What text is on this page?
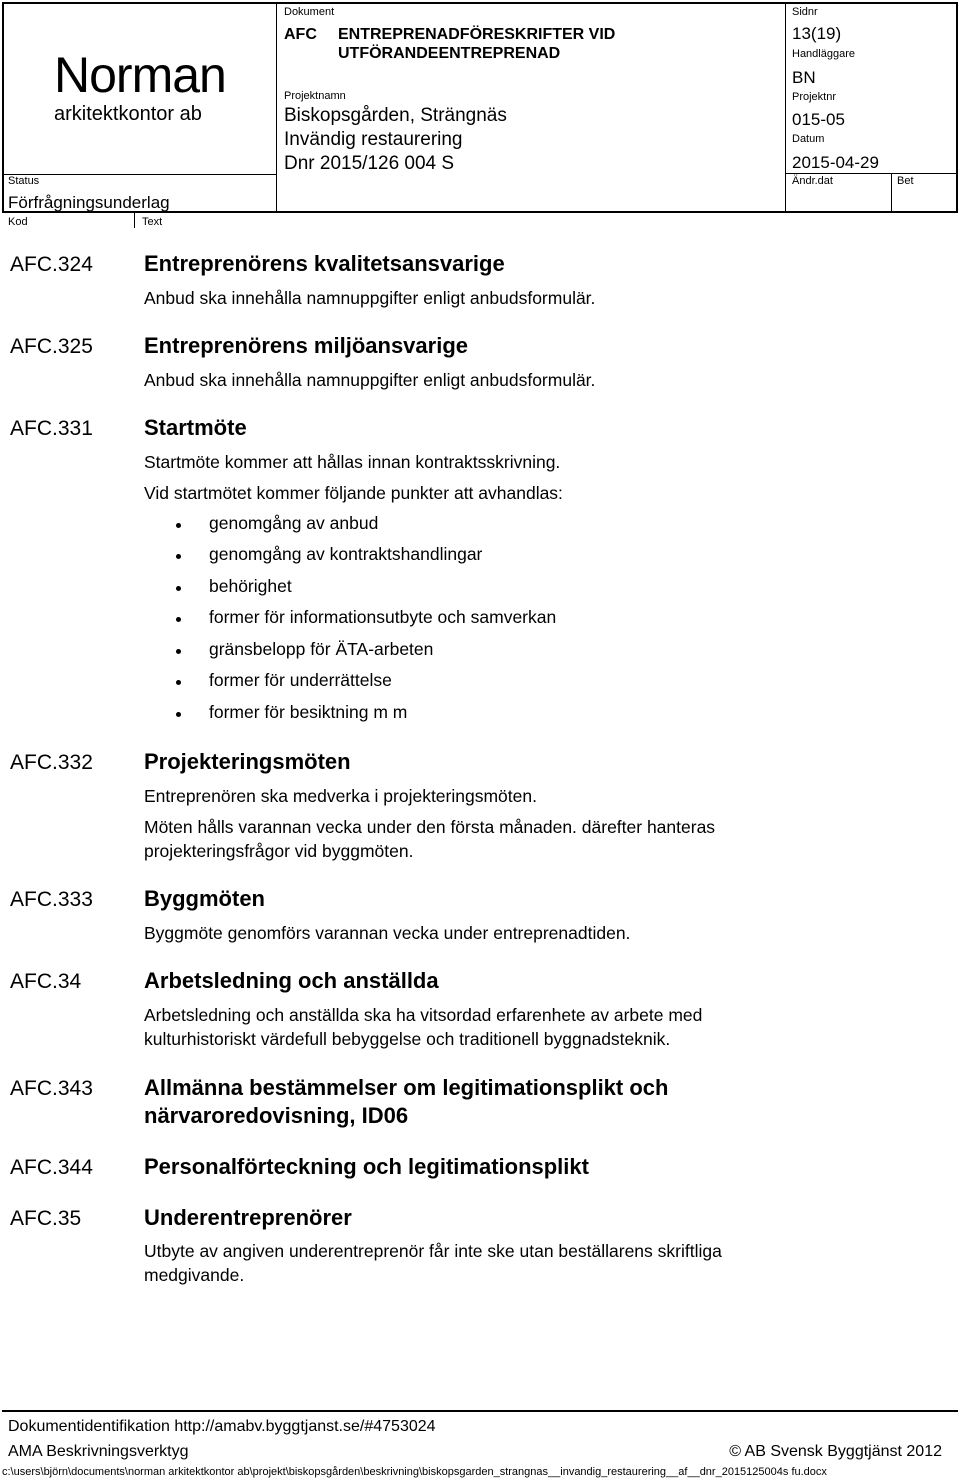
Norman
arkitektkontor ab
Status
Förfrågningsunderlag
Kod	Text
Dokument
AFC ENTREPRENADFÖRESKRIFTER VID
UTFÖRANDEENTREPRENAD
Projektnamn
Biskopsgården, Strängnäs
Invändig restaurering
Dnr 2015/126 004 S
Sidnr
13(19)
Handläggare
BN
Projektnr
015-05
Datum
2015-04-29
Ändr.dat	Bet
AFC.324 Entreprenörens kvalitetsansvarige
Anbud ska innehålla namnuppgifter enligt anbudsformulär.
AFC.325 Entreprenörens miljöansvarige
Anbud ska innehålla namnuppgifter enligt anbudsformulär.
AFC.331 Startmöte
Startmöte kommer att hållas innan kontraktsskrivning.
Vid startmötet kommer följande punkter att avhandlas:
genomgång av anbud
genomgång av kontraktshandlingar
behörighet
former för informationsutbyte och samverkan
gränsbelopp för ÄTA-arbeten
former för underrättelse
former för besiktning m m
AFC.332 Projekteringsmöten
Entreprenören ska medverka i projekteringsmöten.
Möten hålls varannan vecka under den första månaden. därefter hanteras
projekteringsfrågor vid byggmöten.
AFC.333 Byggmöten
Byggmöte genomförs varannan vecka under entreprenadtiden.
AFC.34	Arbetsledning och anställda
Arbetsledning och anställda ska ha vitsordad erfarenhete av arbete med
kulturhistoriskt värdefull bebyggelse och traditionell byggnadsteknik.
AFC.343 Allmänna bestämmelser om legitimationsplikt och
närvaroredovisning, ID06
AFC.344 Personalförteckning och legitimationsplikt
AFC.35	Underentreprenörer
Utbyte av angiven underentreprenör får inte ske utan beställarens skriftliga
medgivande.
Dokumentidentifikation http://amabv.byggtjanst.se/#4753024
AMA Beskrivningsverktyg	© AB Svensk Byggtjänst 2012
c:\users\björn\documents\norman arkitektkontor ab\projekt\biskopsgården\beskrivning\biskopsgarden_strangnas__invandig_restaurering__af__dnr_2015125004s fu.docx
